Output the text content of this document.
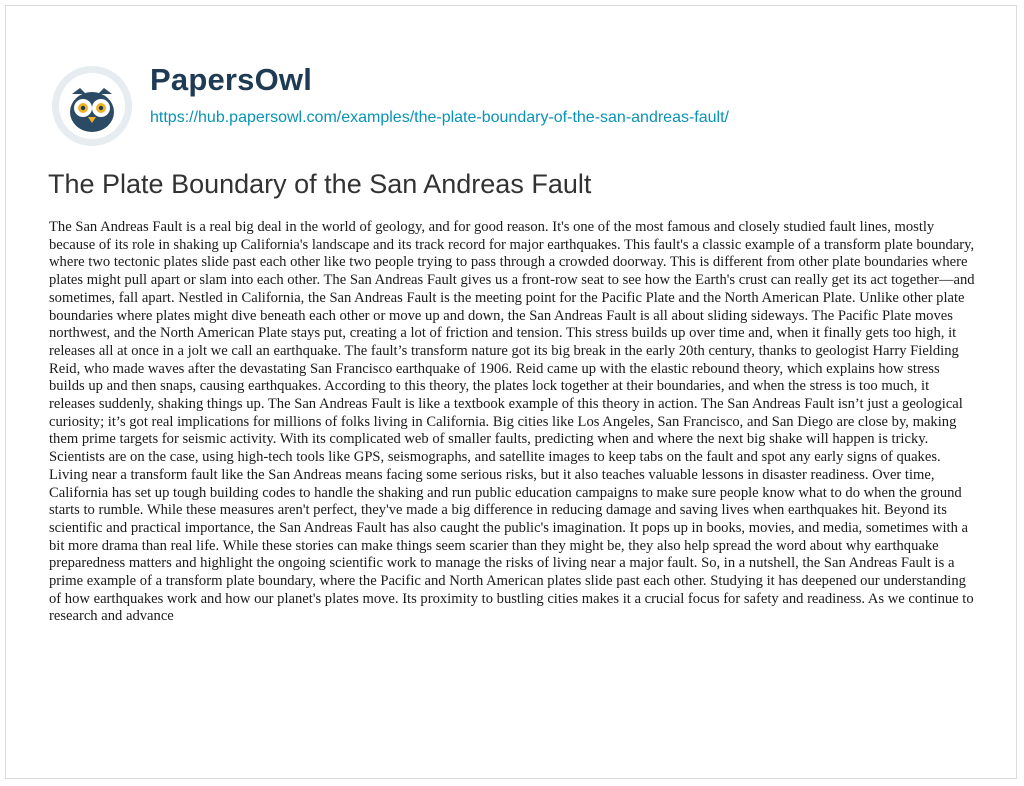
PapersOwl
https://hub.papersowl.com/examples/the-plate-boundary-of-the-san-andreas-fault/
The Plate Boundary of the San Andreas Fault

The San Andreas Fault is a real big deal in the world of geology, and for good reason. It's one of the most famous and closely studied fault lines, mostly because of its role in shaking up California's landscape and its track record for major earthquakes. This fault's a classic example of a transform plate boundary, where two tectonic plates slide past each other like two people trying to pass through a crowded doorway. This is different from other plate boundaries where plates might pull apart or slam into each other. The San Andreas Fault gives us a front-row seat to see how the Earth's crust can really get its act together—and sometimes, fall apart. Nestled in California, the San Andreas Fault is the meeting point for the Pacific Plate and the North American Plate. Unlike other plate boundaries where plates might dive beneath each other or move up and down, the San Andreas Fault is all about sliding sideways. The Pacific Plate moves northwest, and the North American Plate stays put, creating a lot of friction and tension. This stress builds up over time and, when it finally gets too high, it releases all at once in a jolt we call an earthquake. The fault’s transform nature got its big break in the early 20th century, thanks to geologist Harry Fielding Reid, who made waves after the devastating San Francisco earthquake of 1906. Reid came up with the elastic rebound theory, which explains how stress builds up and then snaps, causing earthquakes. According to this theory, the plates lock together at their boundaries, and when the stress is too much, it releases suddenly, shaking things up. The San Andreas Fault is like a textbook example of this theory in action. The San Andreas Fault isn’t just a geological curiosity; it’s got real implications for millions of folks living in California. Big cities like Los Angeles, San Francisco, and San Diego are close by, making them prime targets for seismic activity. With its complicated web of smaller faults, predicting when and where the next big shake will happen is tricky. Scientists are on the case, using high-tech tools like GPS, seismographs, and satellite images to keep tabs on the fault and spot any early signs of quakes. Living near a transform fault like the San Andreas means facing some serious risks, but it also teaches valuable lessons in disaster readiness. Over time, California has set up tough building codes to handle the shaking and run public education campaigns to make sure people know what to do when the ground starts to rumble. While these measures aren't perfect, they've made a big difference in reducing damage and saving lives when earthquakes hit. Beyond its scientific and practical importance, the San Andreas Fault has also caught the public's imagination. It pops up in books, movies, and media, sometimes with a bit more drama than real life. While these stories can make things seem scarier than they might be, they also help spread the word about why earthquake preparedness matters and highlight the ongoing scientific work to manage the risks of living near a major fault. So, in a nutshell, the San Andreas Fault is a prime example of a transform plate boundary, where the Pacific and North American plates slide past each other. Studying it has deepened our understanding of how earthquakes work and how our planet's plates move. Its proximity to bustling cities makes it a crucial focus for safety and readiness. As we continue to research and advance
